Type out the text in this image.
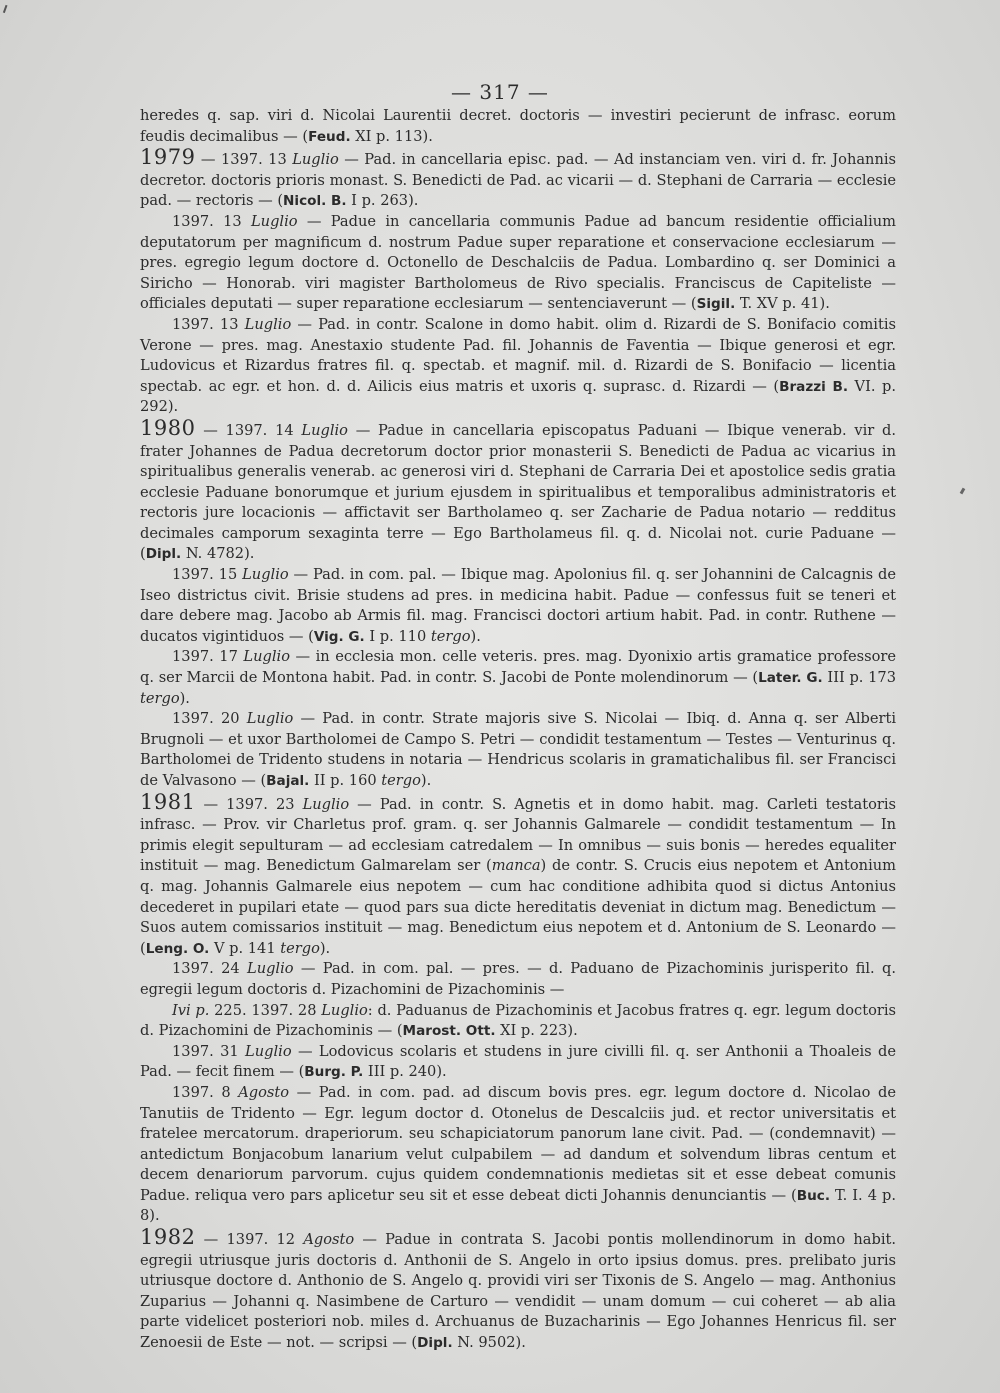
— 317 —

heredes q. sap. viri d. Nicolai Laurentii decret. doctoris — investiri pecierunt de infrasc. eorum feudis decimalibus — (Feud. XI p. 113).

1979 — 1397. 13 Luglio — Pad. in cancellaria episc. pad. — Ad instanciam ven. viri d. fr. Johannis decretor. doctoris prioris monast. S. Benedicti de Pad. ac vicarii — d. Stephani de Carraria — ecclesie pad. — rectoris — (Nicol. B. I p. 263).

1397. 13 Luglio — Padue in cancellaria communis Padue ad bancum residentie officialium deputatorum per magnificum d. nostrum Padue super reparatione et conservacione ecclesiarum — pres. egregio legum doctore d. Octonello de Deschalciis de Padua. Lombardino q. ser Dominici a Siricho — Honorab. viri magister Bartholomeus de Rivo specialis. Franciscus de Capiteliste — officiales deputati — super reparatione ecclesiarum — sentenciaverunt — (Sigil. T. XV p. 41).

1397. 13 Luglio — Pad. in contr. Scalone in domo habit. olim d. Rizardi de S. Bonifacio comitis Verone — pres. mag. Anestaxio studente Pad. fil. Johannis de Faventia — Ibique generosi et egr. Ludovicus et Rizardus fratres fil. q. spectab. et magnif. mil. d. Rizardi de S. Bonifacio — licentia spectab. ac egr. et hon. d. d. Ailicis eius matris et uxoris q. suprasc. d. Rizardi — (Brazzi B. VI. p. 292).

1980 — 1397. 14 Luglio — Padue in cancellaria episcopatus Paduani — Ibique venerab. vir d. frater Johannes de Padua decretorum doctor prior monasterii S. Benedicti de Padua ac vicarius in spiritualibus generalis venerab. ac generosi viri d. Stephani de Carraria Dei et apostolice sedis gratia ecclesie Paduane bonorumque et jurium ejusdem in spiritualibus et temporalibus administratoris et rectoris jure locacionis — affictavit ser Bartholameo q. ser Zacharie de Padua notario — redditus decimales camporum sexaginta terre — Ego Bartholameus fil. q. d. Nicolai not. curie Paduane — (Dipl. N. 4782).

1397. 15 Luglio — Pad. in com. pal. — Ibique mag. Apolonius fil. q. ser Johannini de Calcagnis de Iseo districtus civit. Brisie studens ad pres. in medicina habit. Padue — confessus fuit se teneri et dare debere mag. Jacobo ab Armis fil. mag. Francisci doctori artium habit. Pad. in contr. Ruthene — ducatos vigintiduos — (Vig. G. I p. 110 tergo).

1397. 17 Luglio — in ecclesia mon. celle veteris. pres. mag. Dyonixio artis gramatice professore q. ser Marcii de Montona habit. Pad. in contr. S. Jacobi de Ponte molendinorum — (Later. G. III p. 173 tergo).

1397. 20 Luglio — Pad. in contr. Strate majoris sive S. Nicolai — Ibiq. d. Anna q. ser Alberti Brugnoli — et uxor Bartholomei de Campo S. Petri — condidit testamentum — Testes — Venturinus q. Bartholomei de Tridento studens in notaria — Hendricus scolaris in gramatichalibus fil. ser Francisci de Valvasono — (Bajal. II p. 160 tergo).

1981 — 1397. 23 Luglio — Pad. in contr. S. Agnetis et in domo habit. mag. Carleti testatoris infrasc. — Prov. vir Charletus prof. gram. q. ser Johannis Galmarele — condidit testamentum — In primis elegit sepulturam — ad ecclesiam catredalem — In omnibus — suis bonis — heredes equaliter instituit — mag. Benedictum Galmarelam ser (manca) de contr. S. Crucis eius nepotem et Antonium q. mag. Johannis Galmarele eius nepotem — cum hac conditione adhibita quod si dictus Antonius decederet in pupilari etate — quod pars sua dicte hereditatis deveniat in dictum mag. Benedictum — Suos autem comissarios instituit — mag. Benedictum eius nepotem et d. Antonium de S. Leonardo — (Leng. O. V p. 141 tergo).

1397. 24 Luglio — Pad. in com. pal. — pres. — d. Paduano de Pizachominis jurisperito fil. q. egregii legum doctoris d. Pizachomini de Pizachominis —

Ivi p. 225. 1397. 28 Luglio: d. Paduanus de Pizachominis et Jacobus fratres q. egr. legum doctoris d. Pizachomini de Pizachominis — (Marost. Ott. XI p. 223).

1397. 31 Luglio — Lodovicus scolaris et studens in jure civilli fil. q. ser Anthonii a Thoaleis de Pad. — fecit finem — (Burg. P. III p. 240).

1397. 8 Agosto — Pad. in com. pad. ad discum bovis pres. egr. legum doctore d. Nicolao de Tanutiis de Tridento — Egr. legum doctor d. Otonelus de Descalciis jud. et rector universitatis et fratelee mercatorum. draperiorum. seu schapiciatorum panorum lane civit. Pad. — (condemnavit) — antedictum Bonjacobum lanarium velut culpabilem — ad dandum et solvendum libras centum et decem denariorum parvorum. cujus quidem condemnationis medietas sit et esse debeat comunis Padue. reliqua vero pars aplicetur seu sit et esse debeat dicti Johannis denunciantis — (Buc. T. I. 4 p. 8).

1982 — 1397. 12 Agosto — Padue in contrata S. Jacobi pontis mollendinorum in domo habit. egregii utriusque juris doctoris d. Anthonii de S. Angelo in orto ipsius domus. pres. prelibato juris utriusque doctore d. Anthonio de S. Angelo q. providi viri ser Tixonis de S. Angelo — mag. Anthonius Zuparius — Johanni q. Nasimbene de Carturo — vendidit — unam domum — cui coheret — ab alia parte videlicet posteriori nob. miles d. Archuanus de Buzacharinis — Ego Johannes Henricus fil. ser Zenoesii de Este — not. — scripsi — (Dipl. N. 9502).
